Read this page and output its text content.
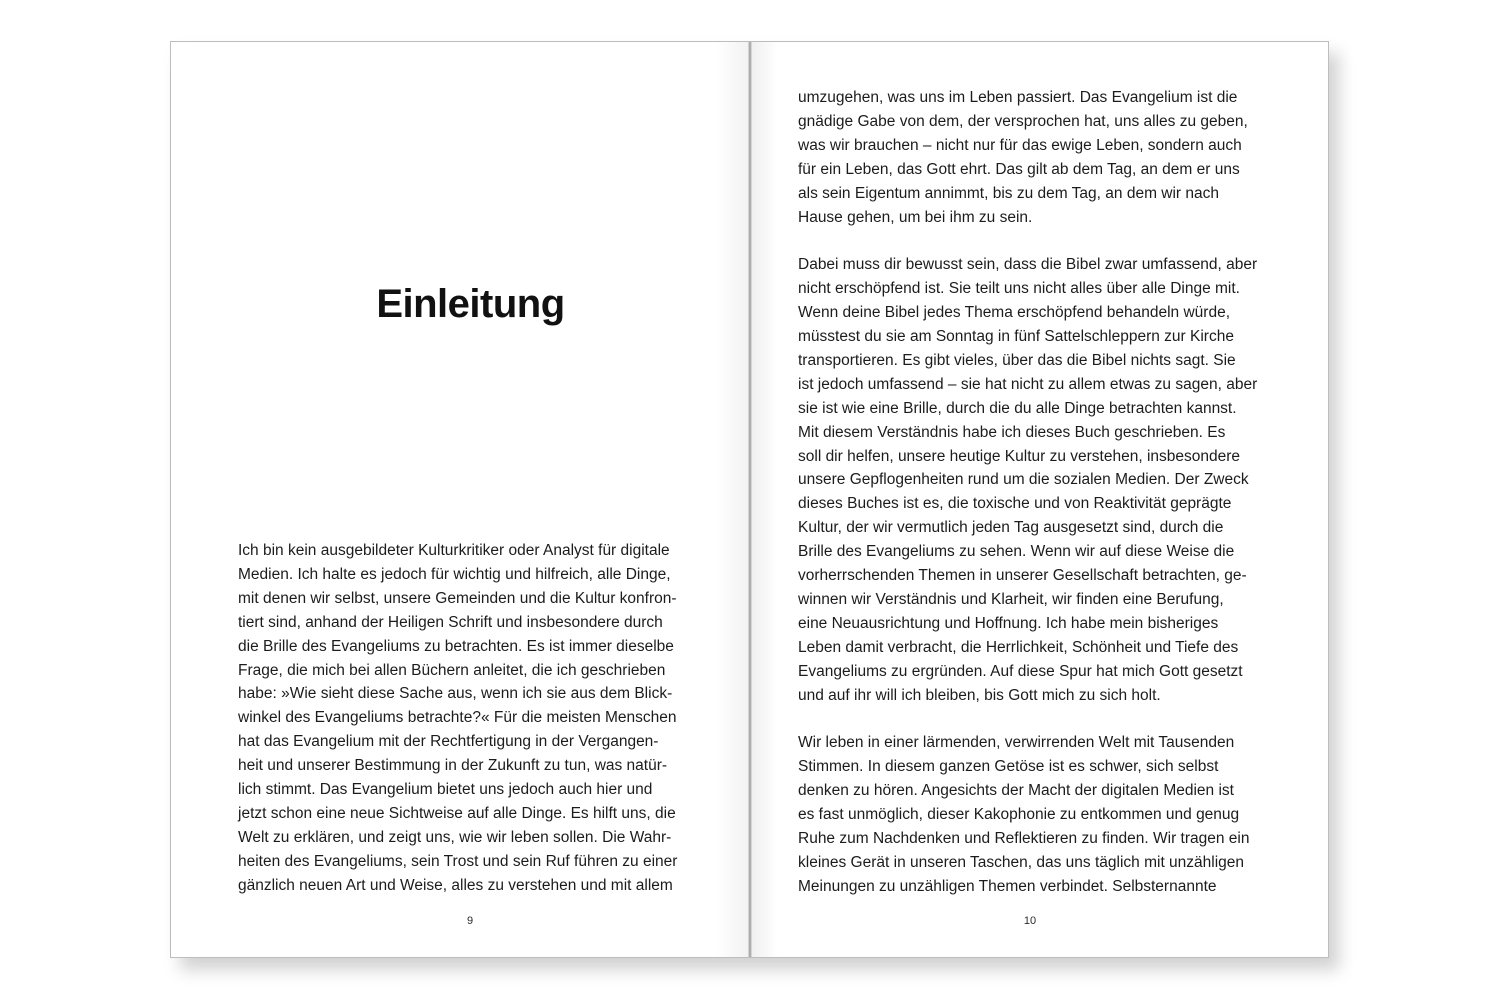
Einleitung

Ich bin kein ausgebildeter Kulturkritiker oder Analyst für digitale

Medien. Ich halte es jedoch für wichtig und hilfreich, alle Dinge,

mit denen wir selbst, unsere Gemeinden und die Kultur konfron-

tiert sind, anhand der Heiligen Schrift und insbesondere durch

die Brille des Evangeliums zu betrachten. Es ist immer dieselbe

Frage, die mich bei allen Büchern anleitet, die ich geschrieben

habe: »Wie sieht diese Sache aus, wenn ich sie aus dem Blick-

winkel des Evangeliums betrachte?« Für die meisten Menschen

hat das Evangelium mit der Rechtfertigung in der Vergangen-

heit und unserer Bestimmung in der Zukunft zu tun, was natür-

lich stimmt. Das Evangelium bietet uns jedoch auch hier und

jetzt schon eine neue Sichtweise auf alle Dinge. Es hilft uns, die

Welt zu erklären, und zeigt uns, wie wir leben sollen. Die Wahr-

heiten des Evangeliums, sein Trost und sein Ruf führen zu einer

gänzlich neuen Art und Weise, alles zu verstehen und mit allem

9

umzugehen, was uns im Leben passiert. Das Evangelium ist die

gnädige Gabe von dem, der versprochen hat, uns alles zu geben,

was wir brauchen – nicht nur für das ewige Leben, sondern auch

für ein Leben, das Gott ehrt. Das gilt ab dem Tag, an dem er uns

als sein Eigentum annimmt, bis zu dem Tag, an dem wir nach

Hause gehen, um bei ihm zu sein.

Dabei muss dir bewusst sein, dass die Bibel zwar umfassend, aber

nicht erschöpfend ist. Sie teilt uns nicht alles über alle Dinge mit.

Wenn deine Bibel jedes Thema erschöpfend behandeln würde,

müsstest du sie am Sonntag in fünf Sattelschleppern zur Kirche

transportieren. Es gibt vieles, über das die Bibel nichts sagt. Sie

ist jedoch umfassend – sie hat nicht zu allem etwas zu sagen, aber

sie ist wie eine Brille, durch die du alle Dinge betrachten kannst.

Mit diesem Verständnis habe ich dieses Buch geschrieben. Es

soll dir helfen, unsere heutige Kultur zu verstehen, insbesondere

unsere Gepflogenheiten rund um die sozialen Medien. Der Zweck

dieses Buches ist es, die toxische und von Reaktivität geprägte

Kultur, der wir vermutlich jeden Tag ausgesetzt sind, durch die

Brille des Evangeliums zu sehen. Wenn wir auf diese Weise die

vorherrschenden Themen in unserer Gesellschaft betrachten, ge-

winnen wir Verständnis und Klarheit, wir finden eine Berufung,

eine Neuausrichtung und Hoffnung. Ich habe mein bisheriges

Leben damit verbracht, die Herrlichkeit, Schönheit und Tiefe des

Evangeliums zu ergründen. Auf diese Spur hat mich Gott gesetzt

und auf ihr will ich bleiben, bis Gott mich zu sich holt.

Wir leben in einer lärmenden, verwirrenden Welt mit Tausenden

Stimmen. In diesem ganzen Getöse ist es schwer, sich selbst

denken zu hören. Angesichts der Macht der digitalen Medien ist

es fast unmöglich, dieser Kakophonie zu entkommen und genug

Ruhe zum Nachdenken und Reflektieren zu finden. Wir tragen ein

kleines Gerät in unseren Taschen, das uns täglich mit unzähligen

Meinungen zu unzähligen Themen verbindet. Selbsternannte

10
